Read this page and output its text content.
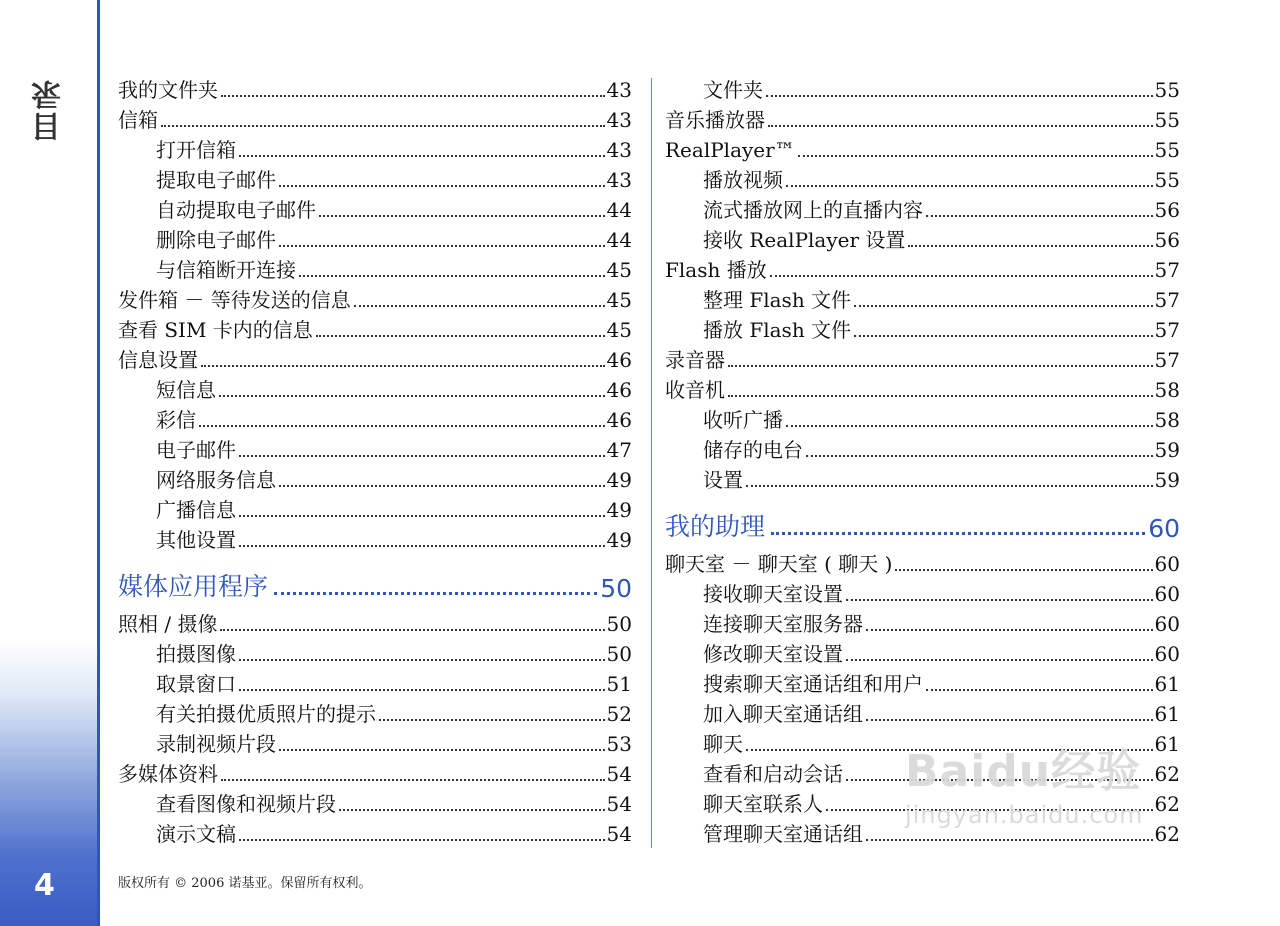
目录
4
我的文件夹	43
信箱	43
打开信箱	43
提取电子邮件	43
自动提取电子邮件	44
删除电子邮件	44
与信箱断开连接	45
发件箱 － 等待发送的信息	45
查看 SIM 卡内的信息	45
信息设置	46
短信息	46
彩信	46
电子邮件	47
网络服务信息	49
广播信息	49
其他设置	49
媒体应用程序	50
照相 / 摄像	50
拍摄图像	50
取景窗口	51
有关拍摄优质照片的提示	52
录制视频片段	53
多媒体资料	54
查看图像和视频片段	54
演示文稿	54
文件夹	55
音乐播放器	55
RealPlayer™	55
播放视频	55
流式播放网上的直播内容	56
接收 RealPlayer 设置	56
Flash 播放	57
整理 Flash 文件	57
播放 Flash 文件	57
录音器	57
收音机	58
收听广播	58
储存的电台	59
设置	59
我的助理	60
聊天室 － 聊天室 ( 聊天 )	60
接收聊天室设置	60
连接聊天室服务器	60
修改聊天室设置	60
搜索聊天室通话组和用户	61
加入聊天室通话组	61
聊天	61
查看和启动会话	62
聊天室联系人	62
管理聊天室通话组	62
版权所有 © 2006 诺基亚。保留所有权利。
Baidu经验
jingyan.baidu.com
